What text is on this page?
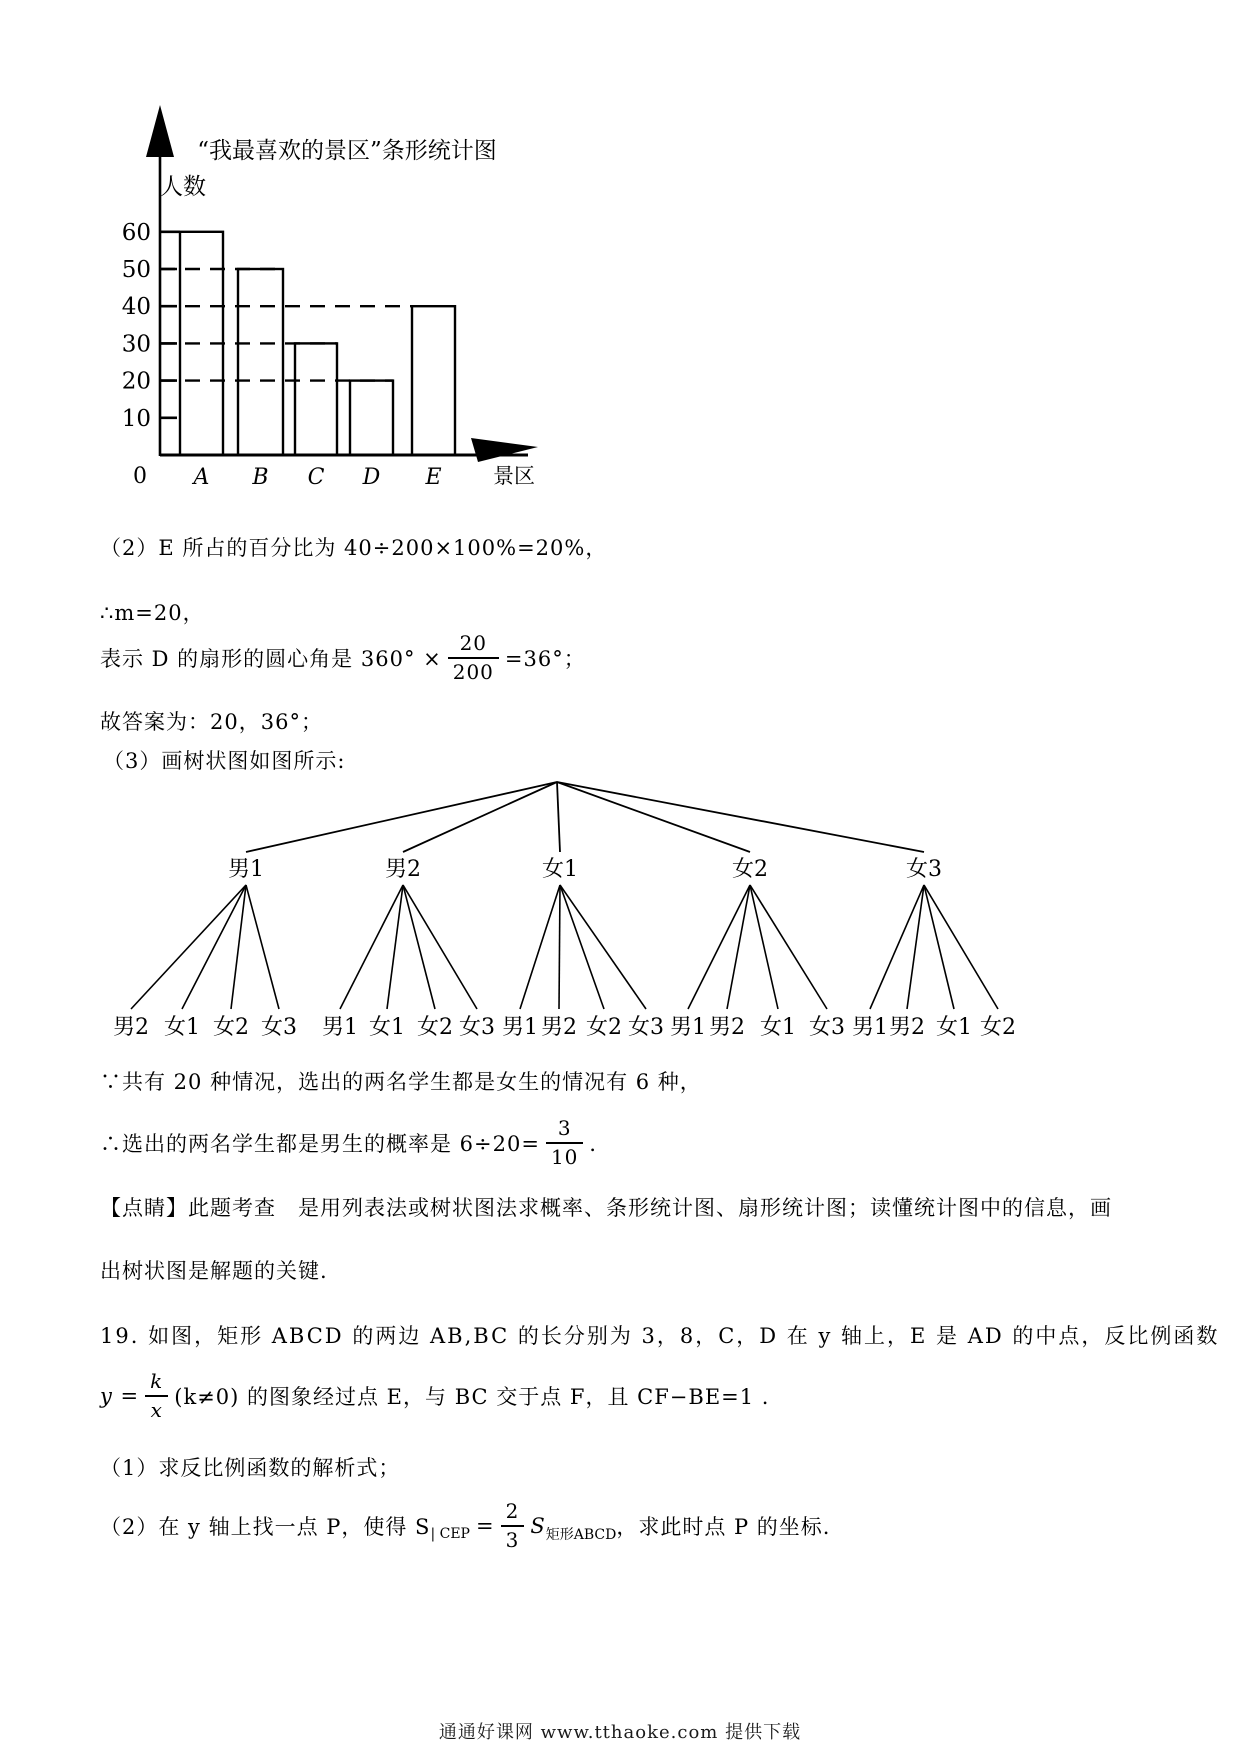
“我最喜欢的景区”条形统计图
人数
景区
0
10
20
30
40
50
60
A B C D E
（2）E 所占的百分比为 40÷200×100%=20%，
∴m=20，
表示 D 的扇形的圆心角是 $360^\circ \times \frac{20}{200} =36^\circ$；
故答案为：20，36°；
（3）画树状图如图所示:
男1
男2 女1 女2 女3
男2
男1 女1 女2 女3
女1
男1 男2 女2 女3
女2
男1 男2 女1 女3
女3
男1 男2 女1 女2
∵共有 20 种情况，选出的两名学生都是女生的情况有 6 种，
∴选出的两名学生都是男生的概率是 $6\div 20= \frac{3}{10}$ ．
【点睛】此题考查　是用列表法或树状图法求概率、条形统计图、扇形统计图；读懂统计图中的信息，画
出树状图是解题的关键.
19. 如图，矩形 ABCD 的两边 AB,BC 的长分别为 3，8，C，D 在 y 轴上，E 是 AD 的中点，反比例函数
$y = \frac{k}{x} (k\ne 0)$ 的图象经过点 E，与 BC 交于点 F，且 CF−BE=1 .
（1）求反比例函数的解析式；
（2）在 y 轴上找一点 P，使得 $S_{| CEP} = \frac{2}{3} S_{矩形ABCD}$ ，求此时点 P 的坐标.
通通好课网 www.tthaoke.com 提供下载
